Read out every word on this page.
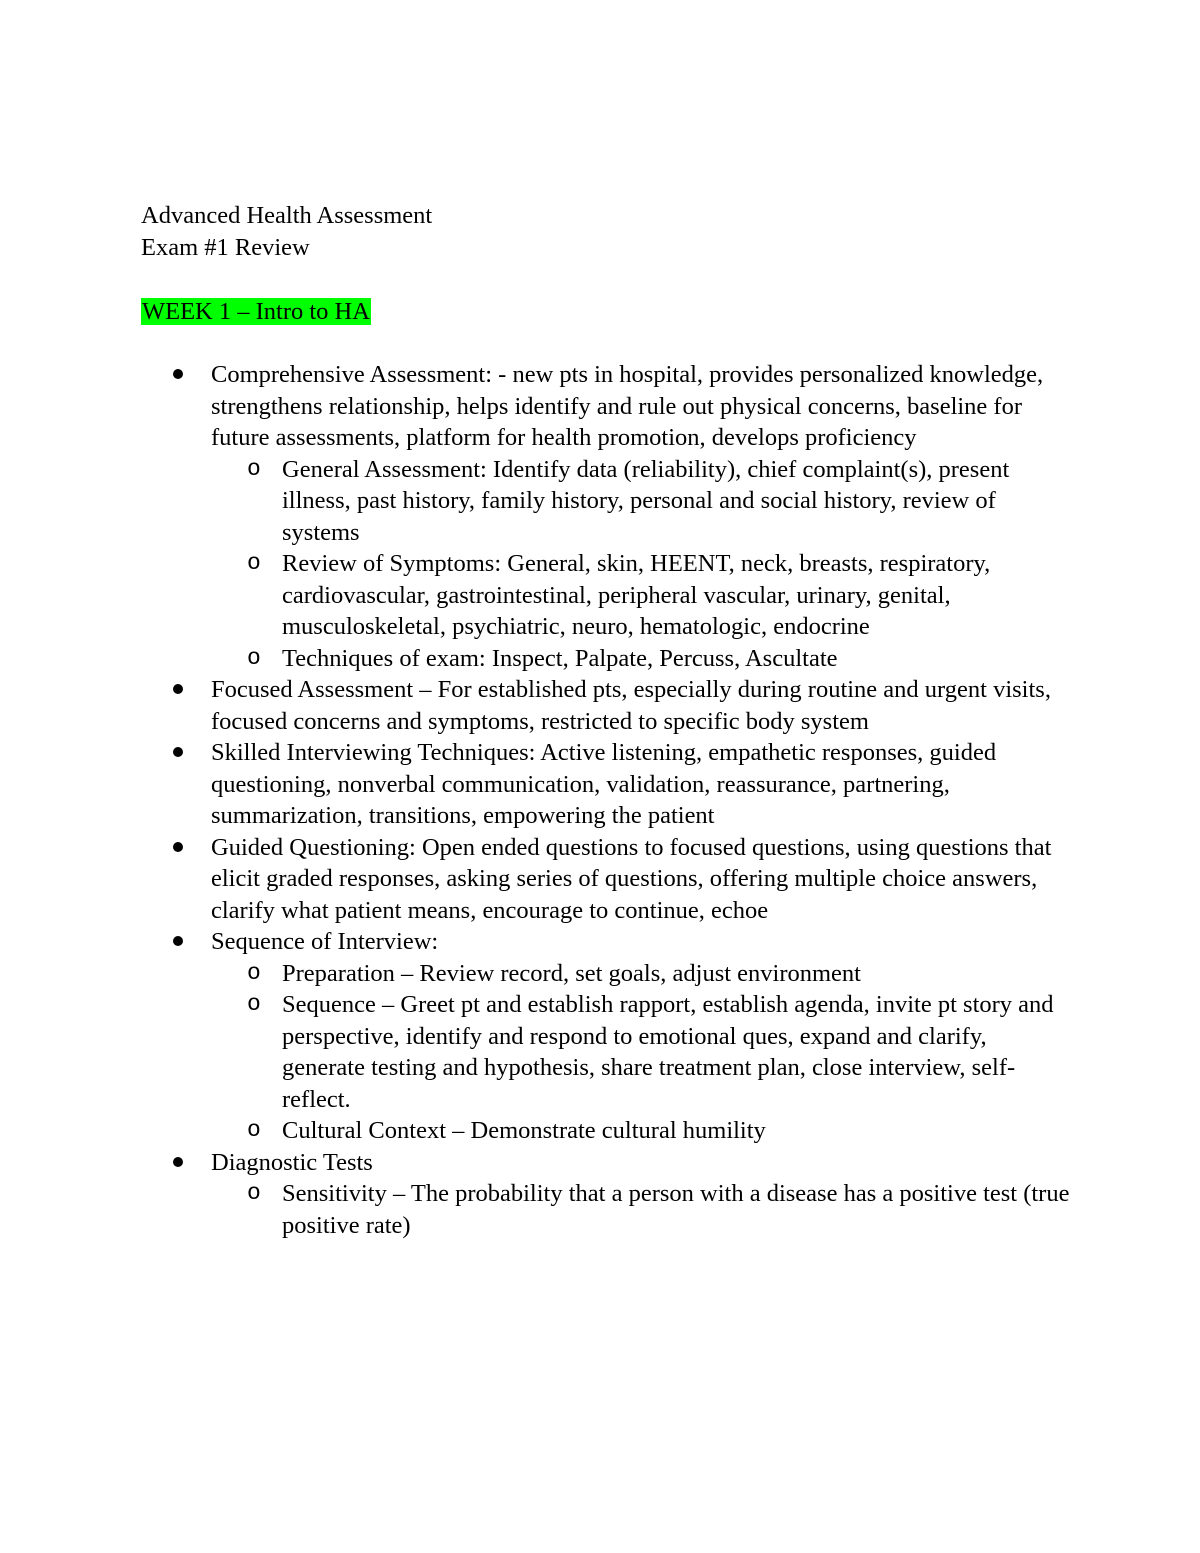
Advanced Health Assessment
Exam #1 Review
WEEK 1 – Intro to HA
Comprehensive Assessment: - new pts in hospital, provides personalized knowledge, strengthens relationship, helps identify and rule out physical concerns, baseline for future assessments, platform for health promotion, develops proficiency
o General Assessment: Identify data (reliability), chief complaint(s), present illness, past history, family history, personal and social history, review of systems
o Review of Symptoms: General, skin, HEENT, neck, breasts, respiratory, cardiovascular, gastrointestinal, peripheral vascular, urinary, genital, musculoskeletal, psychiatric, neuro, hematologic, endocrine
o Techniques of exam: Inspect, Palpate, Percuss, Ascultate
Focused Assessment – For established pts, especially during routine and urgent visits, focused concerns and symptoms, restricted to specific body system
Skilled Interviewing Techniques: Active listening, empathetic responses, guided questioning, nonverbal communication, validation, reassurance, partnering, summarization, transitions, empowering the patient
Guided Questioning: Open ended questions to focused questions, using questions that elicit graded responses, asking series of questions, offering multiple choice answers, clarify what patient means, encourage to continue, echoe
Sequence of Interview:
o Preparation – Review record, set goals, adjust environment
o Sequence – Greet pt and establish rapport, establish agenda, invite pt story and perspective, identify and respond to emotional ques, expand and clarify, generate testing and hypothesis, share treatment plan, close interview, self-reflect.
o Cultural Context – Demonstrate cultural humility
Diagnostic Tests
o Sensitivity – The probability that a person with a disease has a positive test (true positive rate)
